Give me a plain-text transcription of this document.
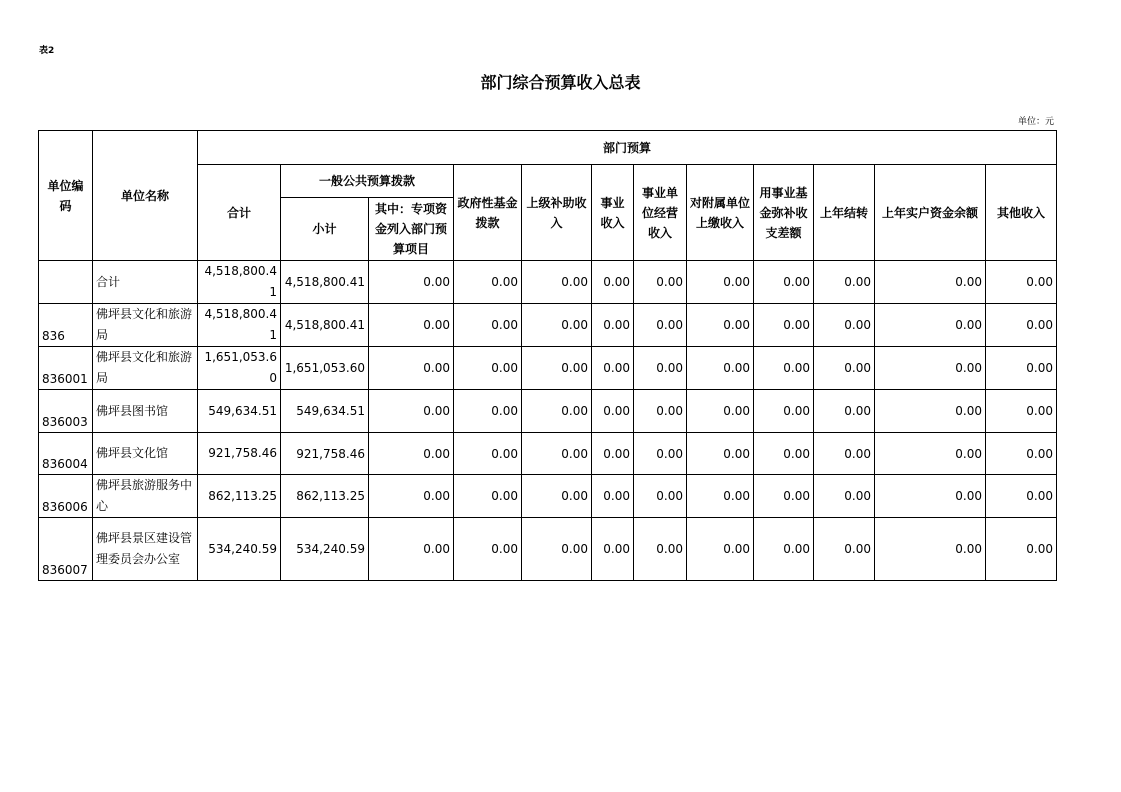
表2
部门综合预算收入总表
单位：元
单位编码	单位名称	部门预算											
		合计	一般公共预算拨款		政府性基金拨款	上级补助收入	事业收入	事业单位经营收入	对附属单位上缴收入	用事业基金弥补收支差额	上年结转	上年实户资金余额	其他收入
			小计	其中：专项资金列入部门预算项目									
	合计	4,518,800.41	4,518,800.41	0.00	0.00	0.00	0.00	0.00	0.00	0.00	0.00	0.00	0.00
836	佛坪县文化和旅游局	4,518,800.41	4,518,800.41	0.00	0.00	0.00	0.00	0.00	0.00	0.00	0.00	0.00	0.00
836001	佛坪县文化和旅游局	1,651,053.60	1,651,053.60	0.00	0.00	0.00	0.00	0.00	0.00	0.00	0.00	0.00	0.00
836003	佛坪县图书馆	549,634.51	549,634.51	0.00	0.00	0.00	0.00	0.00	0.00	0.00	0.00	0.00	0.00
836004	佛坪县文化馆	921,758.46	921,758.46	0.00	0.00	0.00	0.00	0.00	0.00	0.00	0.00	0.00	0.00
836006	佛坪县旅游服务中心	862,113.25	862,113.25	0.00	0.00	0.00	0.00	0.00	0.00	0.00	0.00	0.00	0.00
836007	佛坪县景区建设管理委员会办公室	534,240.59	534,240.59	0.00	0.00	0.00	0.00	0.00	0.00	0.00	0.00	0.00	0.00
